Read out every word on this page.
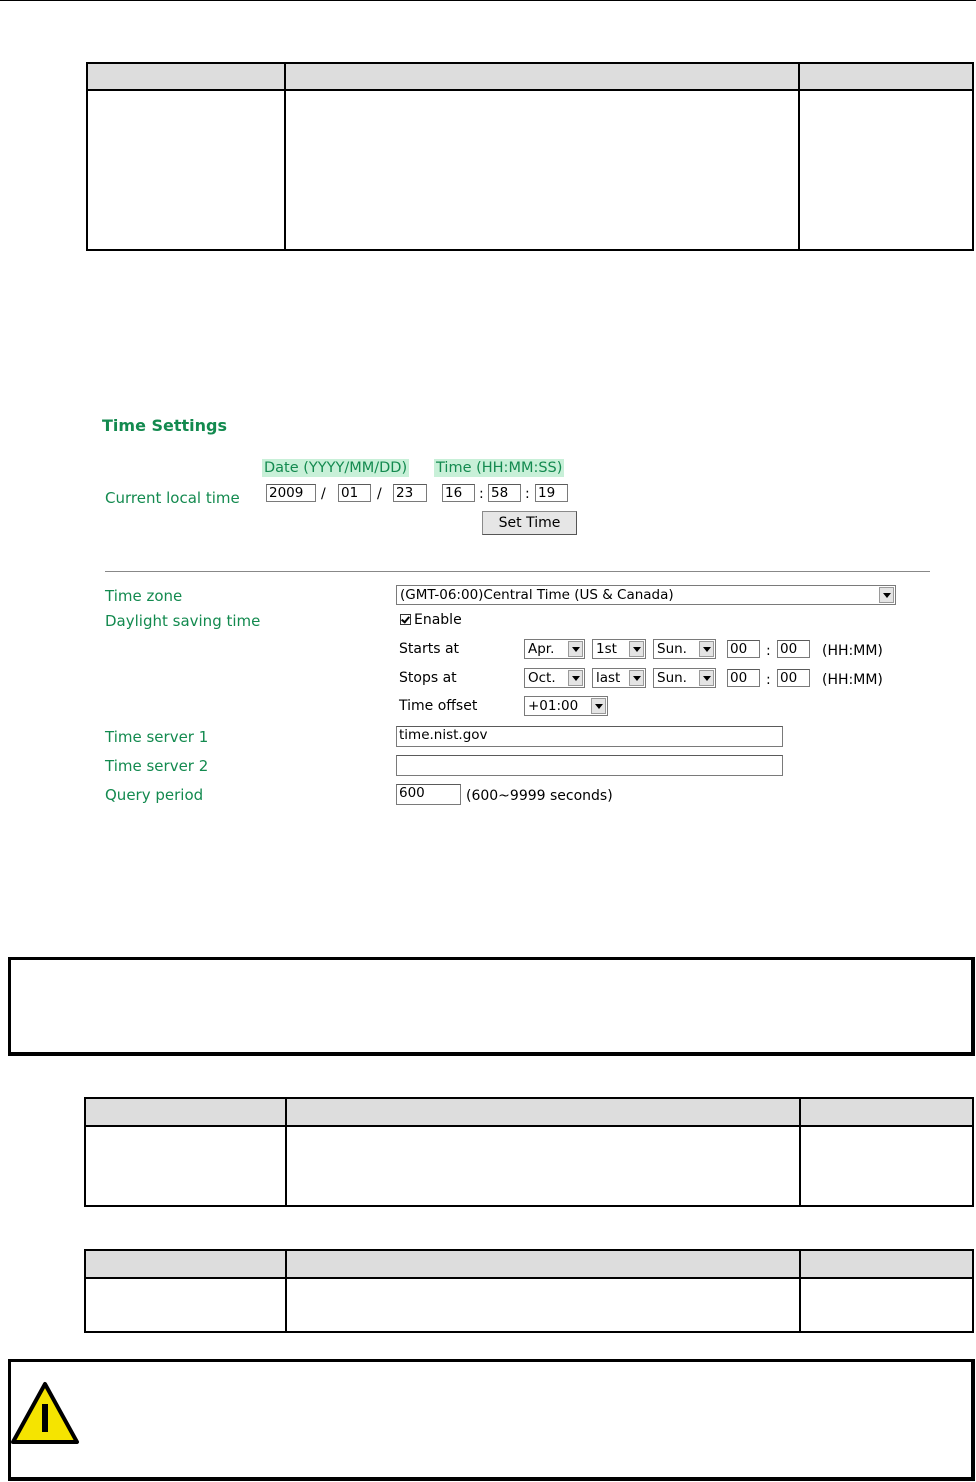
Time Settings
Date (YYYY/MM/DD) Time (HH:MM:SS)
Current local time 2009	/ 01	/ 23	16	: 58	: 19
Set Time
Time zone	(GMT-06:00)Central Time (US & Canada)
Daylight saving time	Enable
Starts at	Apr.	1st	Sun.	00	: 00	(HH:MM)
Stops at	Oct.	last	Sun.	00	: 00	(HH:MM)
Time offset	+01:00
Time server 1	time.nist.gov
Time server 2
Query period	600	(600~9999 seconds)
